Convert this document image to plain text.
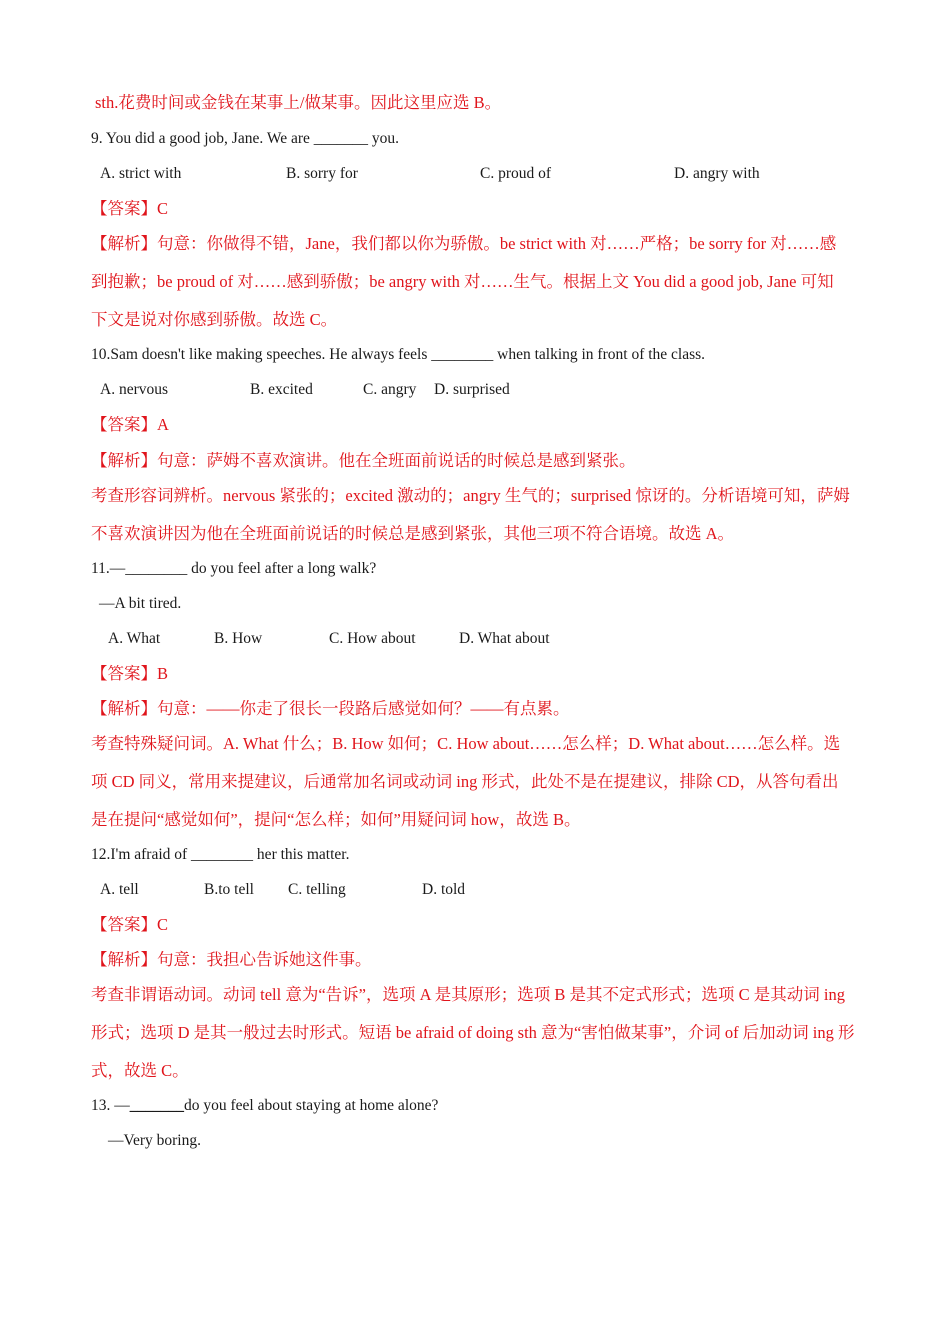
sth.花费时间或金钱在某事上/做某事。因此这里应选 B。
9. You did a good job, Jane. We are _______ you.
A. strict with	B. sorry for	C. proud of	D. angry with
【答案】C
【解析】句意：你做得不错，Jane，我们都以你为骄傲。be strict with 对……严格；be sorry for 对……感
到抱歉；be proud of 对……感到骄傲；be angry with 对……生气。根据上文 You did a good job, Jane 可知
下文是说对你感到骄傲。故选 C。
10.Sam doesn't like making speeches. He always feels ________ when talking in front of the class.
A. nervous	B. excited	C. angry D. surprised
【答案】A
【解析】句意：萨姆不喜欢演讲。他在全班面前说话的时候总是感到紧张。
考查形容词辨析。nervous 紧张的；excited 激动的；angry 生气的；surprised 惊讶的。分析语境可知，萨姆
不喜欢演讲因为他在全班面前说话的时候总是感到紧张，其他三项不符合语境。故选 A。
11.—________ do you feel after a long walk?
—A bit tired.
A. What	B. How	C. How about	D. What about
【答案】B
【解析】句意：——你走了很长一段路后感觉如何？——有点累。
考查特殊疑问词。A. What 什么；B. How 如何；C. How about……怎么样；D. What about……怎么样。选
项 CD 同义，常用来提建议，后通常加名词或动词 ing 形式，此处不是在提建议，排除 CD，从答句看出
是在提问“感觉如何”，提问“怎么样；如何”用疑问词 how，故选 B。
12.I'm afraid of ________ her this matter.
A. tell	B.to tell C. telling	D. told
【答案】C
【解析】句意：我担心告诉她这件事。
考查非谓语动词。动词 tell 意为“告诉”，选项 A 是其原形；选项 B 是其不定式形式；选项 C 是其动词 ing
形式；选项 D 是其一般过去时形式。短语 be afraid of doing sth 意为“害怕做某事”，介词 of 后加动词 ing 形
式，故选 C。
13. —_______do you feel about staying at home alone?
—Very boring.
